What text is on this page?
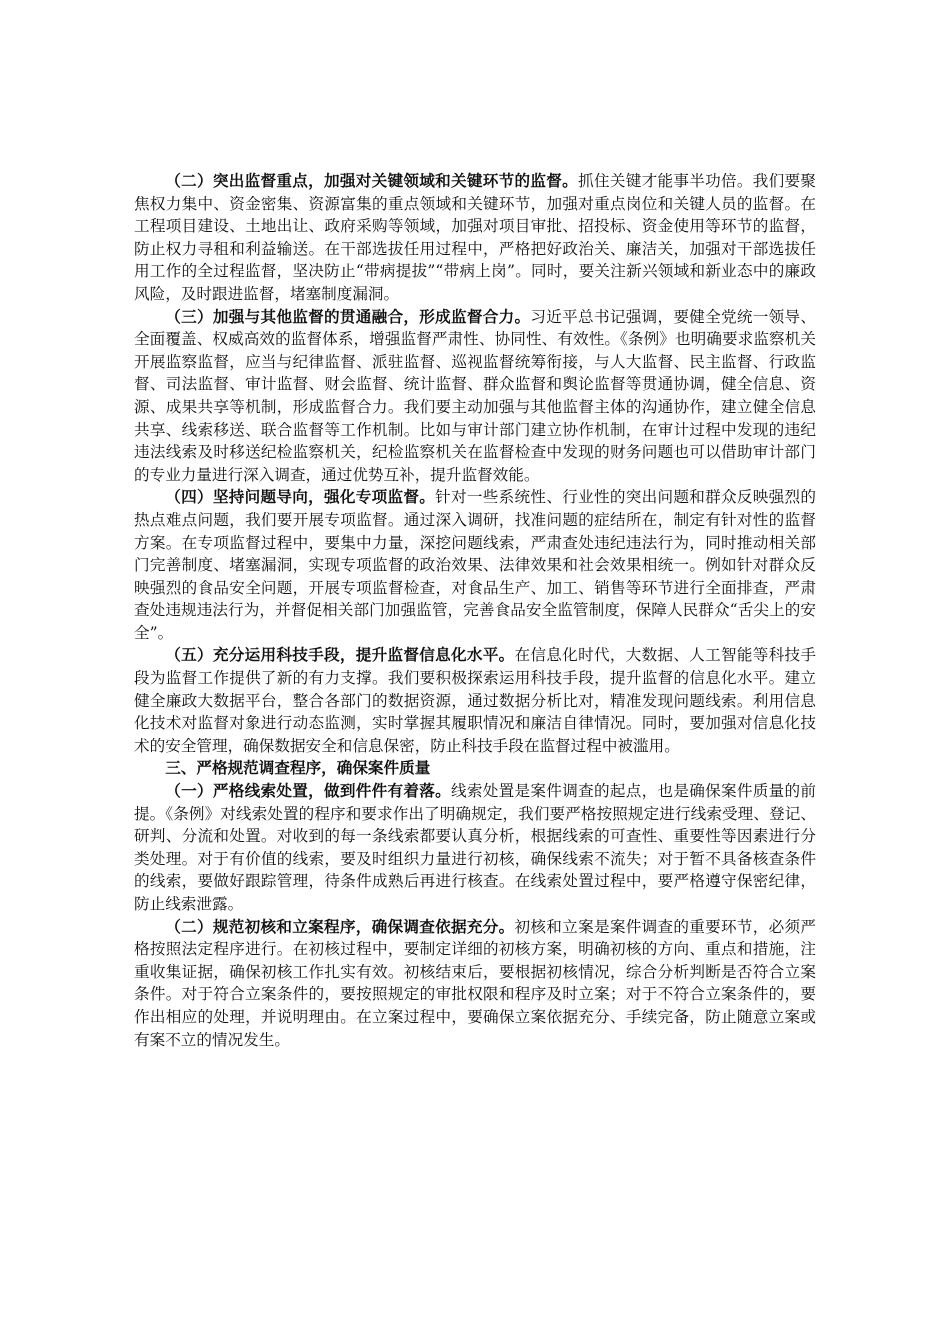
（二）突出监督重点，加强对关键领域和关键环节的监督。抓住关键才能事半功倍。我们要聚焦权力集中、资金密集、资源富集的重点领域和关键环节，加强对重点岗位和关键人员的监督。在工程项目建设、土地出让、政府采购等领域，加强对项目审批、招投标、资金使用等环节的监督，防止权力寻租和利益输送。在干部选拔任用过程中，严格把好政治关、廉洁关，加强对干部选拔任用工作的全过程监督，坚决防止“带病提拔”“带病上岗”。同时，要关注新兴领域和新业态中的廉政风险，及时跟进监督，堵塞制度漏洞。

（三）加强与其他监督的贯通融合，形成监督合力。习近平总书记强调，要健全党统一领导、全面覆盖、权威高效的监督体系，增强监督严肃性、协同性、有效性。《条例》也明确要求监察机关开展监察监督，应当与纪律监督、派驻监督、巡视监督统筹衔接，与人大监督、民主监督、行政监督、司法监督、审计监督、财会监督、统计监督、群众监督和舆论监督等贯通协调，健全信息、资源、成果共享等机制，形成监督合力。我们要主动加强与其他监督主体的沟通协作，建立健全信息共享、线索移送、联合监督等工作机制。比如与审计部门建立协作机制，在审计过程中发现的违纪违法线索及时移送纪检监察机关，纪检监察机关在监督检查中发现的财务问题也可以借助审计部门的专业力量进行深入调查，通过优势互补，提升监督效能。

（四）坚持问题导向，强化专项监督。针对一些系统性、行业性的突出问题和群众反映强烈的热点难点问题，我们要开展专项监督。通过深入调研，找准问题的症结所在，制定有针对性的监督方案。在专项监督过程中，要集中力量，深挖问题线索，严肃查处违纪违法行为，同时推动相关部门完善制度、堵塞漏洞，实现专项监督的政治效果、法律效果和社会效果相统一。例如针对群众反映强烈的食品安全问题，开展专项监督检查，对食品生产、加工、销售等环节进行全面排查，严肃查处违规违法行为，并督促相关部门加强监管，完善食品安全监管制度，保障人民群众“舌尖上的安全”。

（五）充分运用科技手段，提升监督信息化水平。在信息化时代，大数据、人工智能等科技手段为监督工作提供了新的有力支撑。我们要积极探索运用科技手段，提升监督的信息化水平。建立健全廉政大数据平台，整合各部门的数据资源，通过数据分析比对，精准发现问题线索。利用信息化技术对监督对象进行动态监测，实时掌握其履职情况和廉洁自律情况。同时，要加强对信息化技术的安全管理，确保数据安全和信息保密，防止科技手段在监督过程中被滥用。

三、严格规范调查程序，确保案件质量

（一）严格线索处置，做到件件有着落。线索处置是案件调查的起点，也是确保案件质量的前提。《条例》对线索处置的程序和要求作出了明确规定，我们要严格按照规定进行线索受理、登记、研判、分流和处置。对收到的每一条线索都要认真分析，根据线索的可查性、重要性等因素进行分类处理。对于有价值的线索，要及时组织力量进行初核，确保线索不流失；对于暂不具备核查条件的线索，要做好跟踪管理，待条件成熟后再进行核查。在线索处置过程中，要严格遵守保密纪律，防止线索泄露。

（二）规范初核和立案程序，确保调查依据充分。初核和立案是案件调查的重要环节，必须严格按照法定程序进行。在初核过程中，要制定详细的初核方案，明确初核的方向、重点和措施，注重收集证据，确保初核工作扎实有效。初核结束后，要根据初核情况，综合分析判断是否符合立案条件。对于符合立案条件的，要按照规定的审批权限和程序及时立案；对于不符合立案条件的，要作出相应的处理，并说明理由。在立案过程中，要确保立案依据充分、手续完备，防止随意立案或有案不立的情况发生。
